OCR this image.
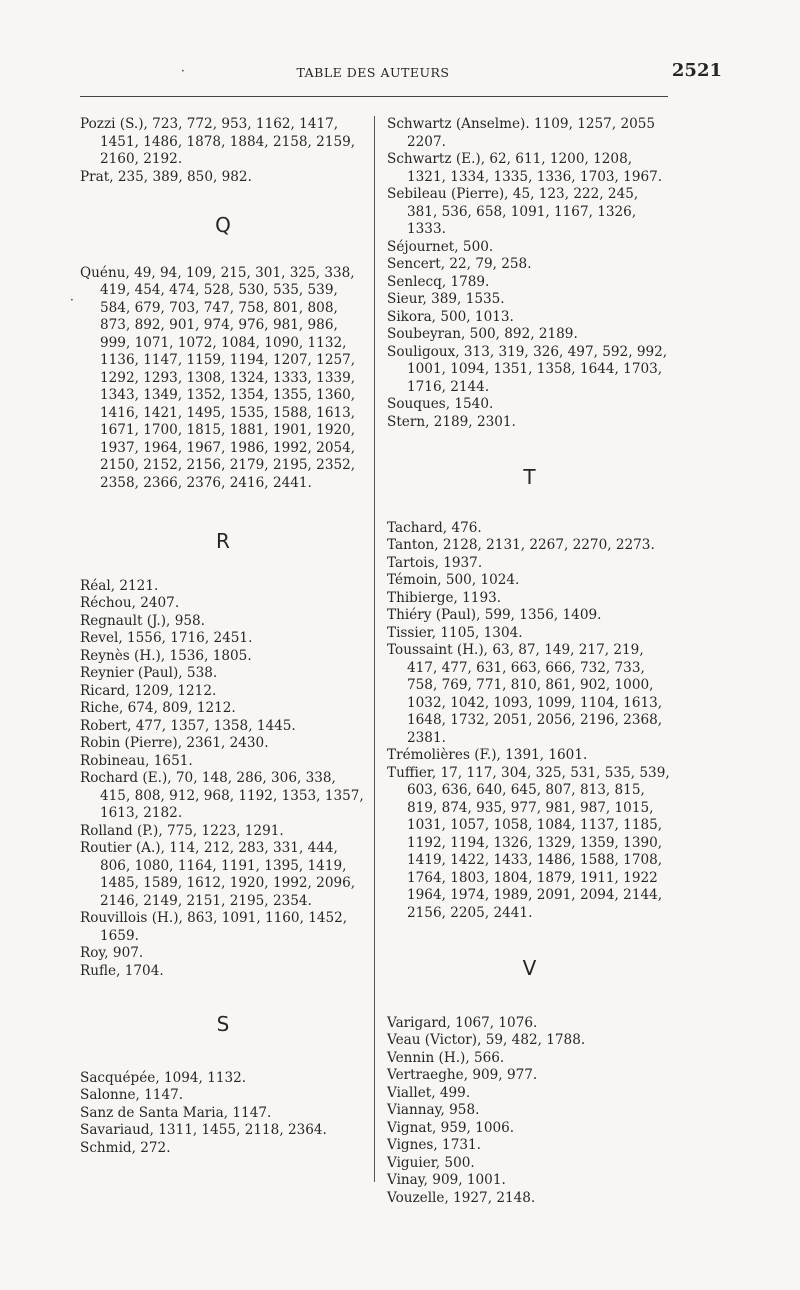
·	TABLE DES AUTEURS	2521
·

Pozzi (S.), 723, 772, 953, 1162, 1417, 1451, 1486, 1878, 1884, 2158, 2159, 2160, 2192.

Prat, 235, 389, 850, 982.

Q

Quénu, 49, 94, 109, 215, 301, 325, 338, 419, 454, 474, 528, 530, 535, 539, 584, 679, 703, 747, 758, 801, 808, 873, 892, 901, 974, 976, 981, 986, 999, 1071, 1072, 1084, 1090, 1132, 1136, 1147, 1159, 1194, 1207, 1257, 1292, 1293, 1308, 1324, 1333, 1339, 1343, 1349, 1352, 1354, 1355, 1360, 1416, 1421, 1495, 1535, 1588, 1613, 1671, 1700, 1815, 1881, 1901, 1920, 1937, 1964, 1967, 1986, 1992, 2054, 2150, 2152, 2156, 2179, 2195, 2352, 2358, 2366, 2376, 2416, 2441.

R

Réal, 2121.

Réchou, 2407.

Regnault (J.), 958.

Revel, 1556, 1716, 2451.

Reynès (H.), 1536, 1805.

Reynier (Paul), 538.

Ricard, 1209, 1212.

Riche, 674, 809, 1212.

Robert, 477, 1357, 1358, 1445.

Robin (Pierre), 2361, 2430.

Robineau, 1651.

Rochard (E.), 70, 148, 286, 306, 338, 415, 808, 912, 968, 1192, 1353, 1357, 1613, 2182.

Rolland (P.), 775, 1223, 1291.

Routier (A.), 114, 212, 283, 331, 444, 806, 1080, 1164, 1191, 1395, 1419, 1485, 1589, 1612, 1920, 1992, 2096, 2146, 2149, 2151, 2195, 2354.

Rouvillois (H.), 863, 1091, 1160, 1452, 1659.

Roy, 907.

Rufle, 1704.

S

Sacquépée, 1094, 1132.

Salonne, 1147.

Sanz de Santa Maria, 1147.

Savariaud, 1311, 1455, 2118, 2364.

Schmid, 272.

Schwartz (Anselme). 1109, 1257, 2055 2207.

Schwartz (E.), 62, 611, 1200, 1208, 1321, 1334, 1335, 1336, 1703, 1967.

Sebileau (Pierre), 45, 123, 222, 245, 381, 536, 658, 1091, 1167, 1326, 1333.

Séjournet, 500.

Sencert, 22, 79, 258.

Senlecq, 1789.

Sieur, 389, 1535.

Sikora, 500, 1013.

Soubeyran, 500, 892, 2189.

Souligoux, 313, 319, 326, 497, 592, 992, 1001, 1094, 1351, 1358, 1644, 1703, 1716, 2144.

Souques, 1540.

Stern, 2189, 2301.

T

Tachard, 476.

Tanton, 2128, 2131, 2267, 2270, 2273.

Tartois, 1937.

Témoin, 500, 1024.

Thibierge, 1193.

Thiéry (Paul), 599, 1356, 1409.

Tissier, 1105, 1304.

Toussaint (H.), 63, 87, 149, 217, 219, 417, 477, 631, 663, 666, 732, 733, 758, 769, 771, 810, 861, 902, 1000, 1032, 1042, 1093, 1099, 1104, 1613, 1648, 1732, 2051, 2056, 2196, 2368, 2381.

Trémolières (F.), 1391, 1601.

Tuffier, 17, 117, 304, 325, 531, 535, 539, 603, 636, 640, 645, 807, 813, 815, 819, 874, 935, 977, 981, 987, 1015, 1031, 1057, 1058, 1084, 1137, 1185, 1192, 1194, 1326, 1329, 1359, 1390, 1419, 1422, 1433, 1486, 1588, 1708, 1764, 1803, 1804, 1879, 1911, 1922 1964, 1974, 1989, 2091, 2094, 2144, 2156, 2205, 2441.

V

Varigard, 1067, 1076.

Veau (Victor), 59, 482, 1788.

Vennin (H.), 566.

Vertraeghe, 909, 977.

Viallet, 499.

Viannay, 958.

Vignat, 959, 1006.

Vignes, 1731.

Viguier, 500.

Vinay, 909, 1001.

Vouzelle, 1927, 2148.
